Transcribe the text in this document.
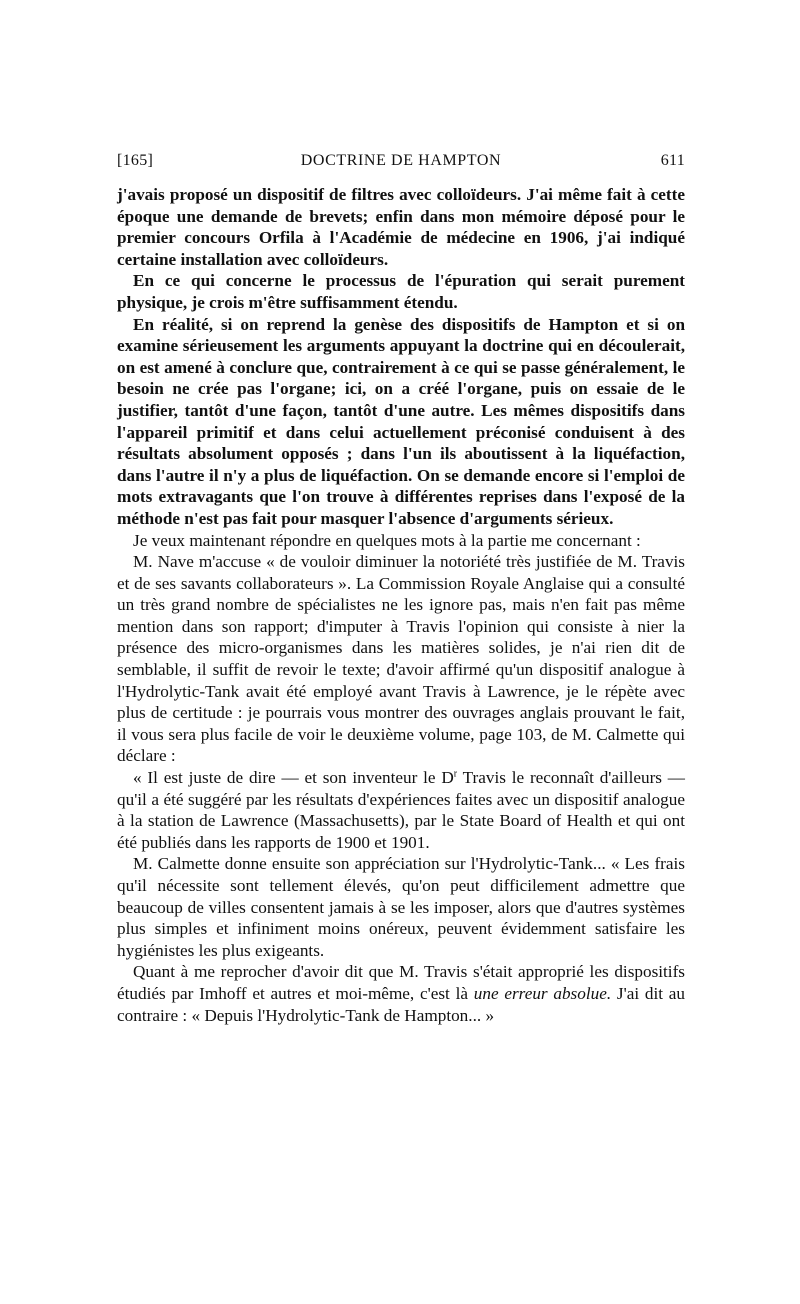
[165]	DOCTRINE DE HAMPTON	611

j'avais proposé un dispositif de filtres avec colloïdeurs. J'ai même fait à cette époque une demande de brevets; enfin dans mon mémoire déposé pour le premier concours Orfila à l'Académie de médecine en 1906, j'ai indiqué certaine installation avec colloïdeurs.

En ce qui concerne le processus de l'épuration qui serait purement physique, je crois m'être suffisamment étendu.

En réalité, si on reprend la genèse des dispositifs de Hampton et si on examine sérieusement les arguments appuyant la doctrine qui en découlerait, on est amené à conclure que, contrairement à ce qui se passe généralement, le besoin ne crée pas l'organe; ici, on a créé l'organe, puis on essaie de le justifier, tantôt d'une façon, tantôt d'une autre. Les mêmes dispositifs dans l'appareil primitif et dans celui actuellement préconisé conduisent à des résultats absolument opposés ; dans l'un ils aboutissent à la liquéfaction, dans l'autre il n'y a plus de liquéfaction. On se demande encore si l'emploi de mots extravagants que l'on trouve à différentes reprises dans l'exposé de la méthode n'est pas fait pour masquer l'absence d'arguments sérieux.

Je veux maintenant répondre en quelques mots à la partie me concernant :

M. Nave m'accuse « de vouloir diminuer la notoriété très justifiée de M. Travis et de ses savants collaborateurs ». La Commission Royale Anglaise qui a consulté un très grand nombre de spécialistes ne les ignore pas, mais n'en fait pas même mention dans son rapport; d'imputer à Travis l'opinion qui consiste à nier la présence des micro-organismes dans les matières solides, je n'ai rien dit de semblable, il suffit de revoir le texte; d'avoir affirmé qu'un dispositif analogue à l'Hydrolytic-Tank avait été employé avant Travis à Lawrence, je le répète avec plus de certitude : je pourrais vous montrer des ouvrages anglais prouvant le fait, il vous sera plus facile de voir le deuxième volume, page 103, de M. Calmette qui déclare :

« Il est juste de dire — et son inventeur le $D^r$ Travis le reconnaît d'ailleurs — qu'il a été suggéré par les résultats d'expériences faites avec un dispositif analogue à la station de Lawrence (Massachusetts), par le State Board of Health et qui ont été publiés dans les rapports de 1900 et 1901.

M. Calmette donne ensuite son appréciation sur l'Hydrolytic-Tank... « Les frais qu'il nécessite sont tellement élevés, qu'on peut difficilement admettre que beaucoup de villes consentent jamais à se les imposer, alors que d'autres systèmes plus simples et infiniment moins onéreux, peuvent évidemment satisfaire les hygiénistes les plus exigeants.

Quant à me reprocher d'avoir dit que M. Travis s'était approprié les dispositifs étudiés par Imhoff et autres et moi-même, c'est là une erreur absolue. J'ai dit au contraire : « Depuis l'Hydrolytic-Tank de Hampton... »
